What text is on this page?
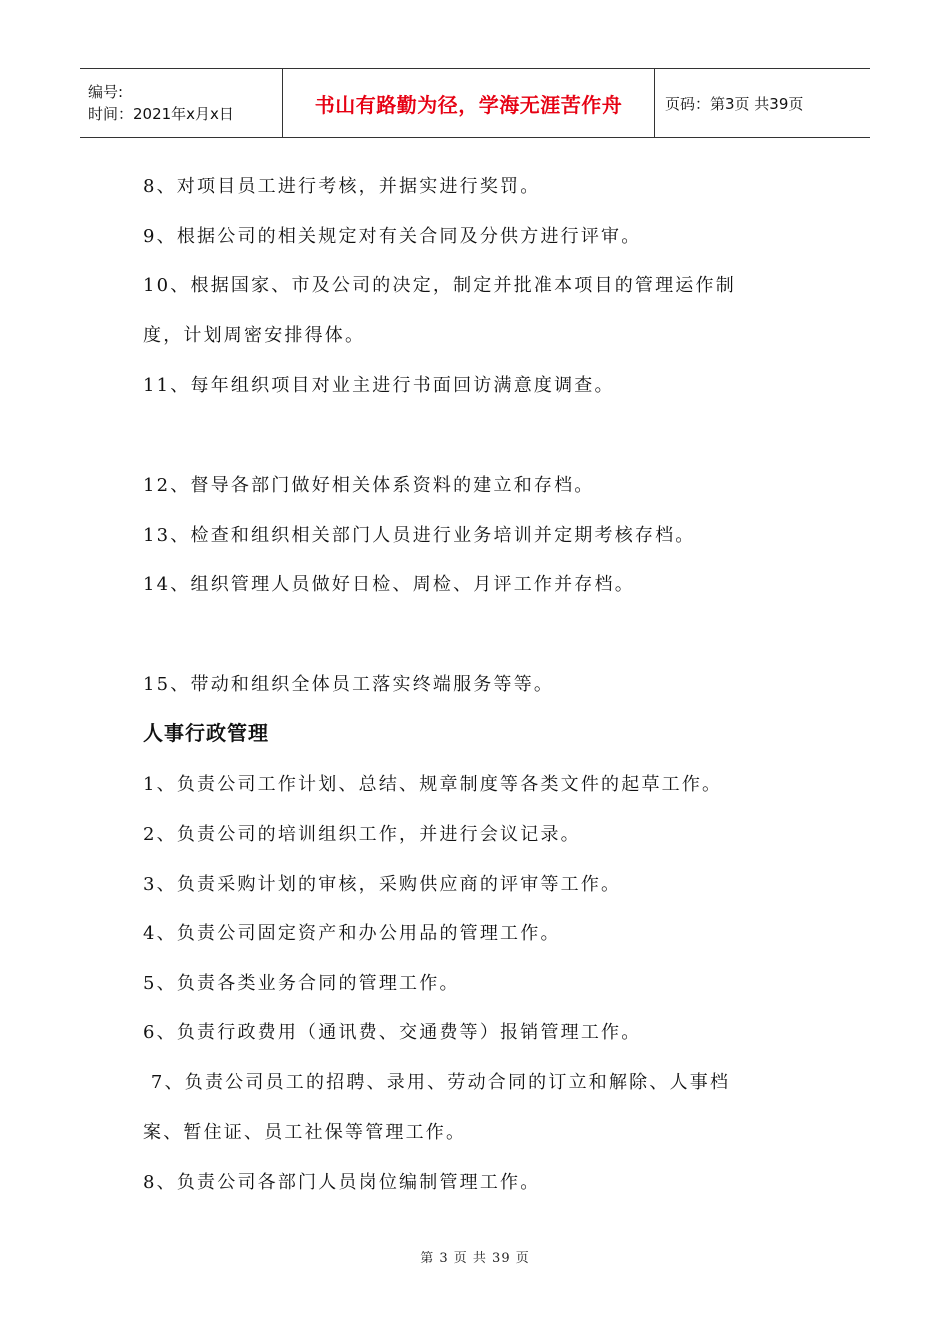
编号:
时间：2021年x月x日	书山有路勤为径，学海无涯苦作舟	页码：第3页 共39页
8、对项目员工进行考核，并据实进行奖罚。
9、根据公司的相关规定对有关合同及分供方进行评审。
10、根据国家、市及公司的决定，制定并批准本项目的管理运作制
度，计划周密安排得体。
11、每年组织项目对业主进行书面回访满意度调查。
12、督导各部门做好相关体系资料的建立和存档。
13、检查和组织相关部门人员进行业务培训并定期考核存档。
14、组织管理人员做好日检、周检、月评工作并存档。
15、带动和组织全体员工落实终端服务等等。
人事行政管理
1、负责公司工作计划、总结、规章制度等各类文件的起草工作。
2、负责公司的培训组织工作，并进行会议记录。
3、负责采购计划的审核，采购供应商的评审等工作。
4、负责公司固定资产和办公用品的管理工作。
5、负责各类业务合同的管理工作。
6、负责行政费用（通讯费、交通费等）报销管理工作。
7、负责公司员工的招聘、录用、劳动合同的订立和解除、人事档
案、暂住证、员工社保等管理工作。
8、负责公司各部门人员岗位编制管理工作。
第 3 页 共 39 页
